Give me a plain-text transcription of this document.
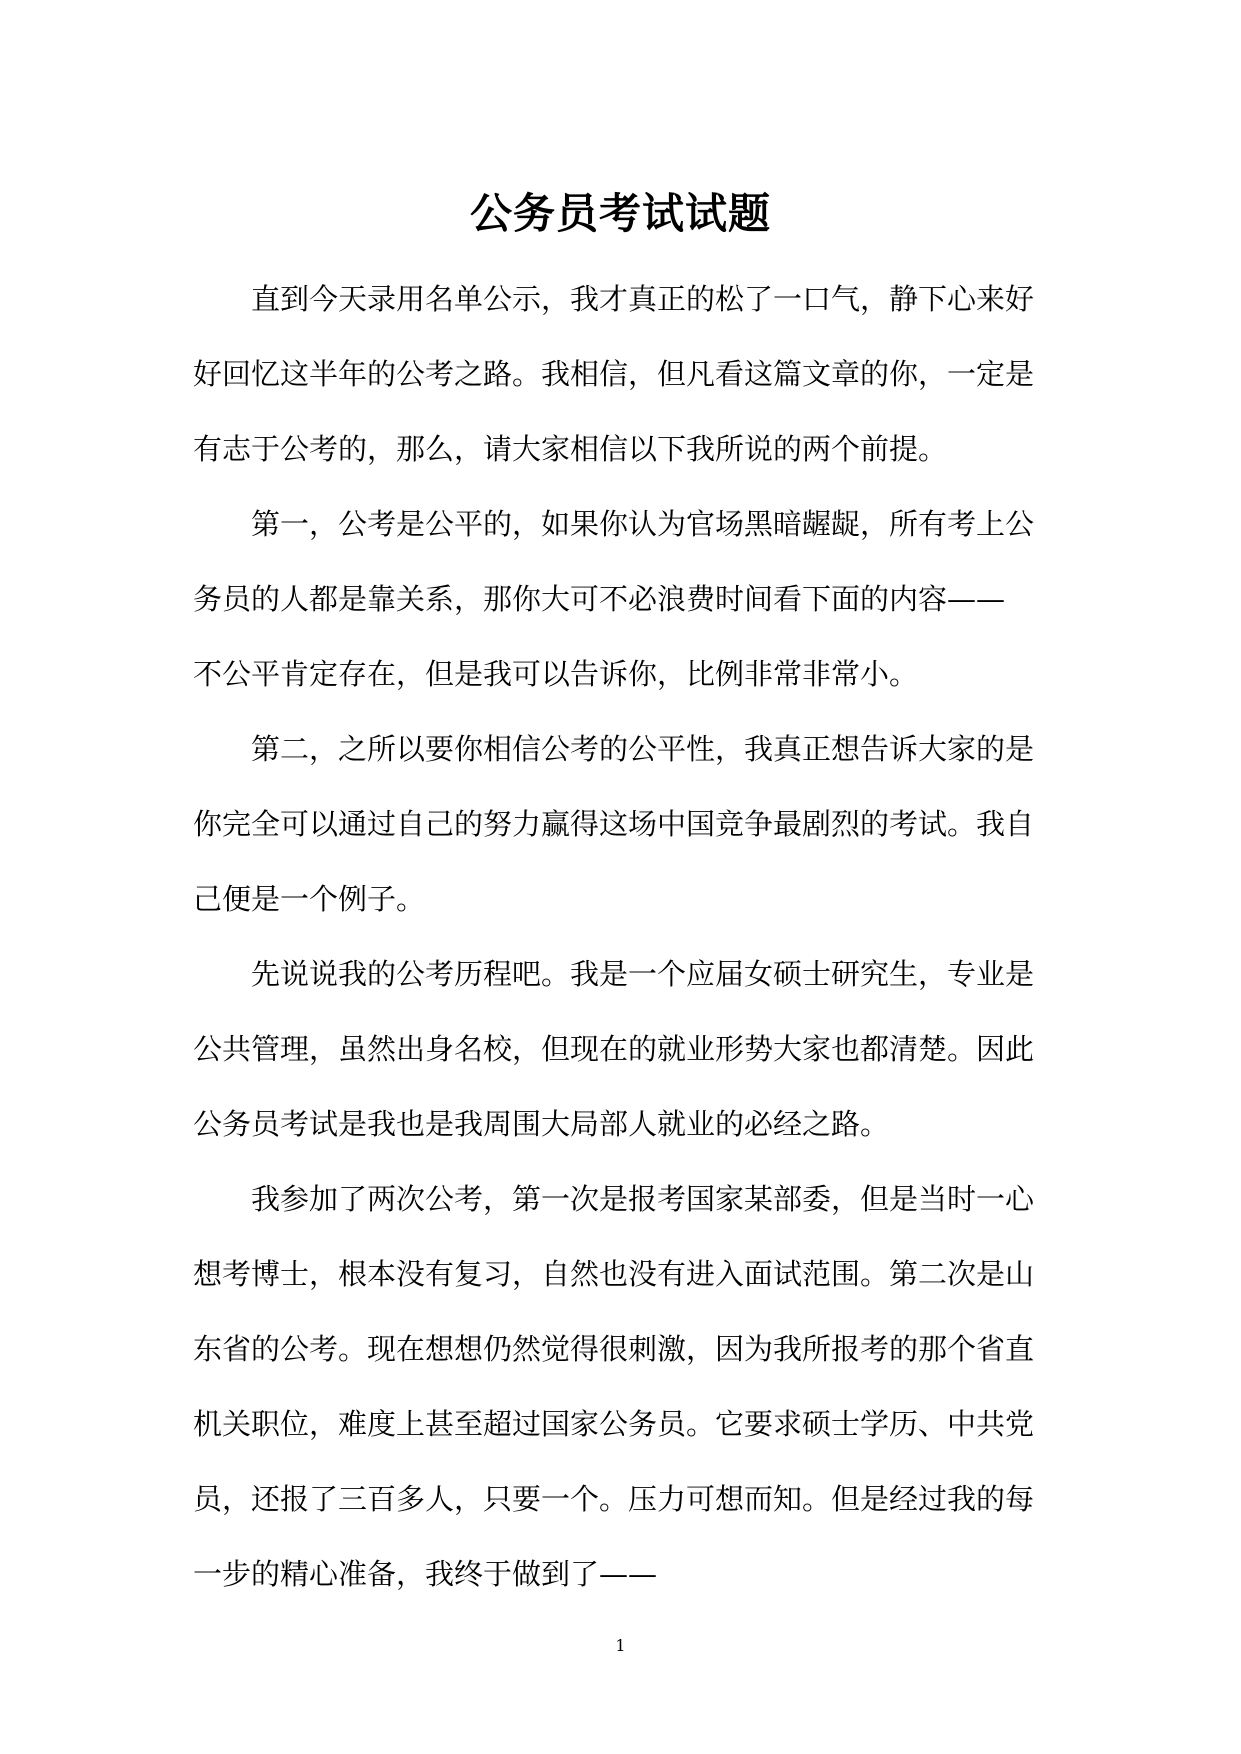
公务员考试试题

直到今天录用名单公示，我才真正的松了一口气，静下心来好
好回忆这半年的公考之路。我相信，但凡看这篇文章的你，一定是
有志于公考的，那么，请大家相信以下我所说的两个前提。

第一，公考是公平的，如果你认为官场黑暗龌龊，所有考上公
务员的人都是靠关系，那你大可不必浪费时间看下面的内容——
不公平肯定存在，但是我可以告诉你，比例非常非常小。

第二，之所以要你相信公考的公平性，我真正想告诉大家的是
你完全可以通过自己的努力赢得这场中国竞争最剧烈的考试。我自
己便是一个例子。

先说说我的公考历程吧。我是一个应届女硕士研究生，专业是
公共管理，虽然出身名校，但现在的就业形势大家也都清楚。因此
公务员考试是我也是我周围大局部人就业的必经之路。

我参加了两次公考，第一次是报考国家某部委，但是当时一心
想考博士，根本没有复习，自然也没有进入面试范围。第二次是山
东省的公考。现在想想仍然觉得很刺激，因为我所报考的那个省直
机关职位，难度上甚至超过国家公务员。它要求硕士学历、中共党
员，还报了三百多人，只要一个。压力可想而知。但是经过我的每
一步的精心准备，我终于做到了——

1
